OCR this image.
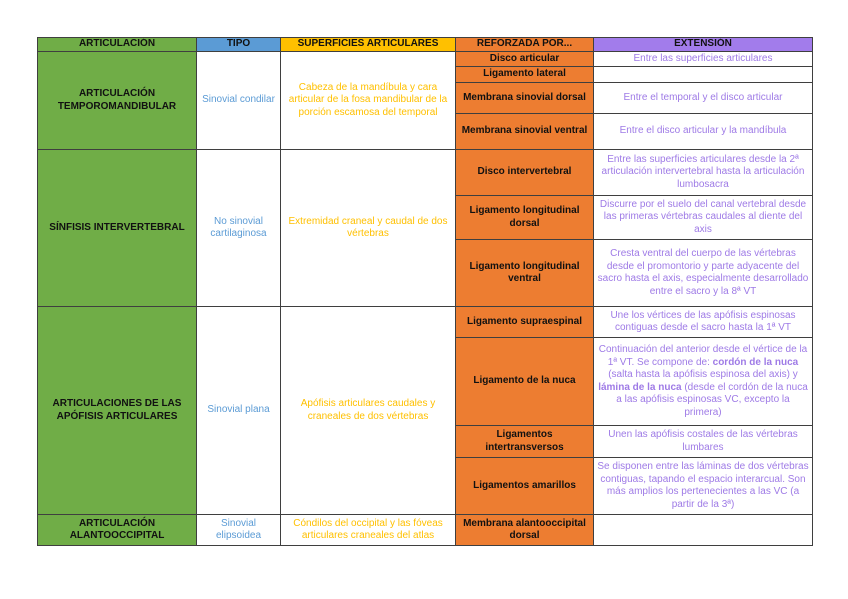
ARTICULACIÓN	TIPO	SUPERFICIES ARTICULARES	REFORZADA POR...	EXTENSIÓN
ARTICULACIÓN TEMPOROMANDIBULAR	Sinovial condilar	Cabeza de la mandíbula y cara articular de la fosa mandibular de la porción escamosa del temporal	Disco articular	Entre las superficies articulares
			Ligamento lateral	
			Membrana sinovial dorsal	Entre el temporal y el disco articular
			Membrana sinovial ventral	Entre el disco articular y la mandíbula
SÍNFISIS INTERVERTEBRAL	No sinovial cartilaginosa	Extremidad craneal y caudal de dos vértebras	Disco intervertebral	Entre las superficies articulares desde la 2ª articulación intervertebral hasta la articulación lumbosacra
			Ligamento longitudinal dorsal	Discurre por el suelo del canal vertebral desde las primeras vértebras caudales al diente del axis
			Ligamento longitudinal ventral	Cresta ventral del cuerpo de las vértebras desde el promontorio y parte adyacente del sacro hasta el axis, especialmente desarrollado entre el sacro y la 8ª VT
ARTICULACIONES DE LAS APÓFISIS ARTICULARES	Sinovial plana	Apófisis articulares caudales y craneales de dos vértebras	Ligamento supraespinal	Une los vértices de las apófisis espinosas contiguas desde el sacro hasta la 1ª VT
			Ligamento de la nuca	Continuación del anterior desde el vértice de la 1ª VT. Se compone de: cordón de la nuca (salta hasta la apófisis espinosa del axis) y lámina de la nuca (desde el cordón de la nuca a las apófisis espinosas VC, excepto la primera)
			Ligamentos intertransversos	Unen las apófisis costales de las vértebras lumbares
			Ligamentos amarillos	Se disponen entre las láminas de dos vértebras contiguas, tapando el espacio interarcual. Son más amplios los pertenecientes a las VC (a partir de la 3ª)
ARTICULACIÓN ALANTOOCCIPITAL	Sinovial elipsoidea	Cóndilos del occipital y las fóveas articulares craneales del atlas	Membrana alantooccipital dorsal	
